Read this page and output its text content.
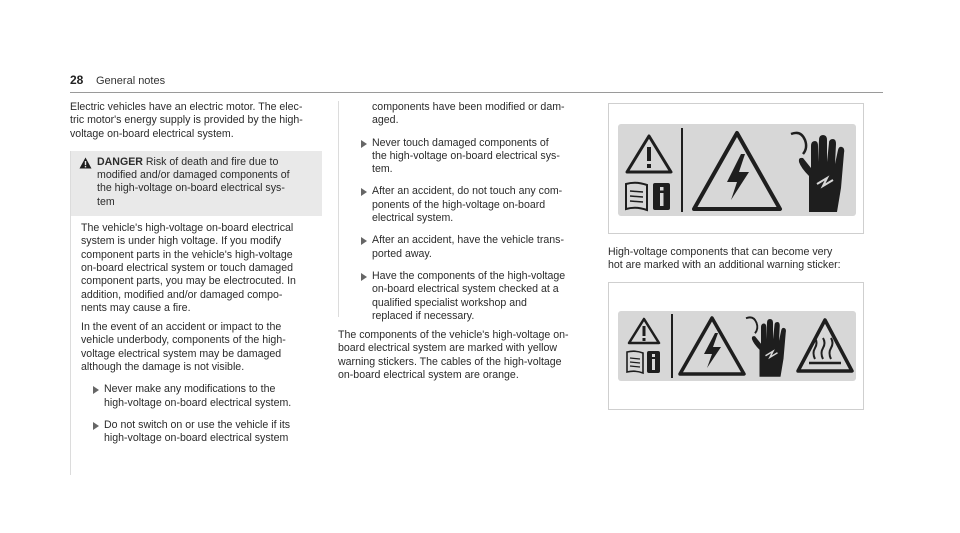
28 General notes

Electric vehicles have an electric motor. The elec-
tric motor's energy supply is provided by the high-
voltage on-board electrical system.

DANGER Risk of death and fire due to
modified and/or damaged components of
the high-voltage on-board electrical sys-
tem

The vehicle's high-voltage on-board electrical
system is under high voltage. If you modify
component parts in the vehicle's high-voltage
on-board electrical system or touch damaged
component parts, you may be electrocuted. In
addition, modified and/or damaged compo-
nents may cause a fire.

In the event of an accident or impact to the
vehicle underbody, components of the high-
voltage electrical system may be damaged
although the damage is not visible.

Never make any modifications to the
high-voltage on-board electrical system.
Do not switch on or use the vehicle if its
high-voltage on-board electrical system

components have been modified or dam-
aged.

Never touch damaged components of
the high-voltage on-board electrical sys-
tem.
After an accident, do not touch any com-
ponents of the high-voltage on-board
electrical system.
After an accident, have the vehicle trans-
ported away.
Have the components of the high-voltage
on-board electrical system checked at a
qualified specialist workshop and
replaced if necessary.

The components of the vehicle's high-voltage on-
board electrical system are marked with yellow
warning stickers. The cables of the high-voltage
on-board electrical system are orange.

High-voltage components that can become very
hot are marked with an additional warning sticker:
